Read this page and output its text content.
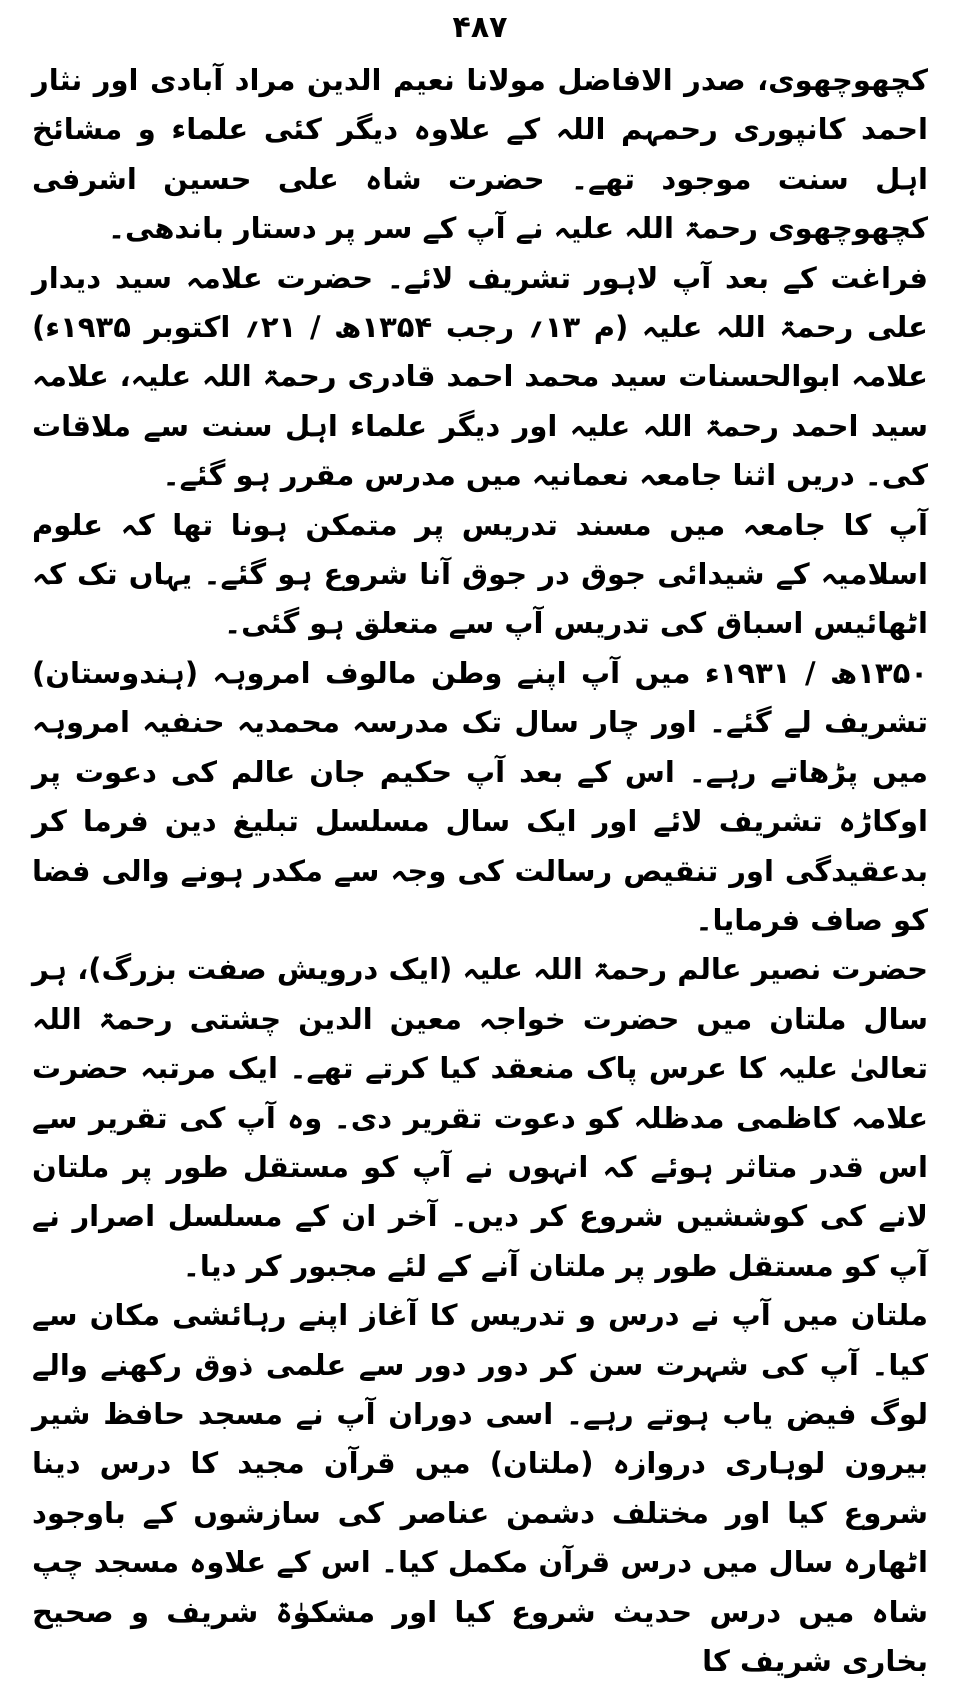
۴۸۷

کچھوچھوی، صدر الافاضل مولانا نعیم الدین مراد آبادی اور نثار احمد کانپوری رحمہم اللہ کے علاوہ دیگر کئی علماء و مشائخ اہل سنت موجود تھے۔ حضرت شاہ علی حسین اشرفی کچھوچھوی رحمۃ اللہ علیہ نے آپ کے سر پر دستار باندھی۔

فراغت کے بعد آپ لاہور تشریف لائے۔ حضرت علامہ سید دیدار علی رحمۃ اللہ علیہ (م ۱۳؍ رجب ۱۳۵۴ھ / ۲۱؍ اکتوبر ۱۹۳۵ء) علامہ ابوالحسنات سید محمد احمد قادری رحمۃ اللہ علیہ، علامہ سید احمد رحمۃ اللہ علیہ اور دیگر علماء اہل سنت سے ملاقات کی۔ دریں اثنا جامعہ نعمانیہ میں مدرس مقرر ہو گئے۔

آپ کا جامعہ میں مسند تدریس پر متمکن ہونا تھا کہ علوم اسلامیہ کے شیدائی جوق در جوق آنا شروع ہو گئے۔ یہاں تک کہ اٹھائیس اسباق کی تدریس آپ سے متعلق ہو گئی۔

۱۳۵۰ھ / ۱۹۳۱ء میں آپ اپنے وطن مالوف امروہہ (ہندوستان) تشریف لے گئے۔ اور چار سال تک مدرسہ محمدیہ حنفیہ امروہہ میں پڑھاتے رہے۔ اس کے بعد آپ حکیم جان عالم کی دعوت پر اوکاڑہ تشریف لائے اور ایک سال مسلسل تبلیغ دین فرما کر بدعقیدگی اور تنقیص رسالت کی وجہ سے مکدر ہونے والی فضا کو صاف فرمایا۔

حضرت نصیر عالم رحمۃ اللہ علیہ (ایک درویش صفت بزرگ)، ہر سال ملتان میں حضرت خواجہ معین الدین چشتی رحمۃ اللہ تعالیٰ علیہ کا عرس پاک منعقد کیا کرتے تھے۔ ایک مرتبہ حضرت علامہ کاظمی مدظلہ کو دعوت تقریر دی۔ وہ آپ کی تقریر سے اس قدر متاثر ہوئے کہ انہوں نے آپ کو مستقل طور پر ملتان لانے کی کوششیں شروع کر دیں۔ آخر ان کے مسلسل اصرار نے آپ کو مستقل طور پر ملتان آنے کے لئے مجبور کر دیا۔

ملتان میں آپ نے درس و تدریس کا آغاز اپنے رہائشی مکان سے کیا۔ آپ کی شہرت سن کر دور دور سے علمی ذوق رکھنے والے لوگ فیض یاب ہوتے رہے۔ اسی دوران آپ نے مسجد حافظ شیر بیرون لوہاری دروازہ (ملتان) میں قرآن مجید کا درس دینا شروع کیا اور مختلف دشمن عناصر کی سازشوں کے باوجود اٹھارہ سال میں درس قرآن مکمل کیا۔ اس کے علاوہ مسجد چپ شاہ میں درس حدیث شروع کیا اور مشکوٰۃ شریف و صحیح بخاری شریف کا
